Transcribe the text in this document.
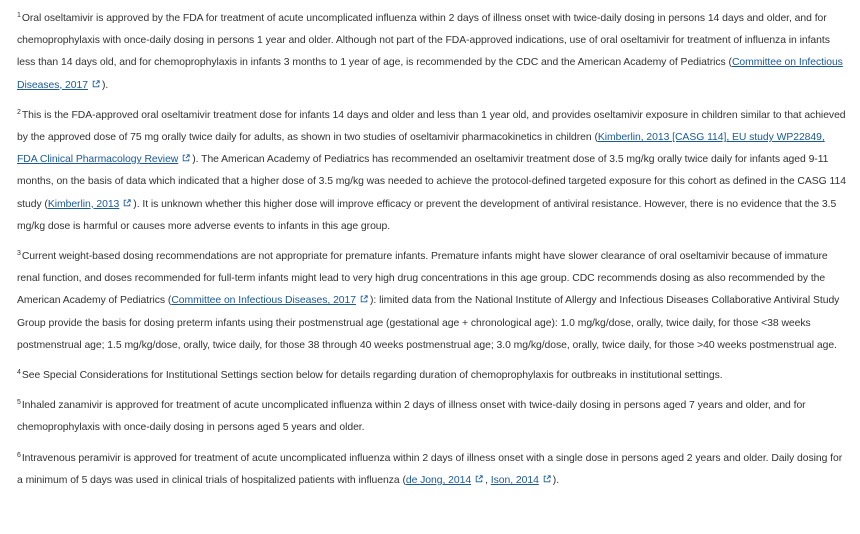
$^1$Oral oseltamivir is approved by the FDA for treatment of acute uncomplicated influenza within 2 days of illness onset with twice-daily dosing in persons 14 days and older, and for chemoprophylaxis with once-daily dosing in persons 1 year and older. Although not part of the FDA-approved indications, use of oral oseltamivir for treatment of influenza in infants less than 14 days old, and for chemoprophylaxis in infants 3 months to 1 year of age, is recommended by the CDC and the American Academy of Pediatrics (Committee on Infectious Diseases, 2017 ).

$^2$This is the FDA-approved oral oseltamivir treatment dose for infants 14 days and older and less than 1 year old, and provides oseltamivir exposure in children similar to that achieved by the approved dose of 75 mg orally twice daily for adults, as shown in two studies of oseltamivir pharmacokinetics in children (Kimberlin, 2013 [CASG 114], EU study WP22849, FDA Clinical Pharmacology Review ). The American Academy of Pediatrics has recommended an oseltamivir treatment dose of 3.5 mg/kg orally twice daily for infants aged 9-11 months, on the basis of data which indicated that a higher dose of 3.5 mg/kg was needed to achieve the protocol-defined targeted exposure for this cohort as defined in the CASG 114 study (Kimberlin, 2013 ). It is unknown whether this higher dose will improve efficacy or prevent the development of antiviral resistance. However, there is no evidence that the 3.5 mg/kg dose is harmful or causes more adverse events to infants in this age group.

$^3$Current weight-based dosing recommendations are not appropriate for premature infants. Premature infants might have slower clearance of oral oseltamivir because of immature renal function, and doses recommended for full-term infants might lead to very high drug concentrations in this age group. CDC recommends dosing as also recommended by the American Academy of Pediatrics (Committee on Infectious Diseases, 2017 ): limited data from the National Institute of Allergy and Infectious Diseases Collaborative Antiviral Study Group provide the basis for dosing preterm infants using their postmenstrual age (gestational age + chronological age): 1.0 mg/kg/dose, orally, twice daily, for those <38 weeks postmenstrual age; 1.5 mg/kg/dose, orally, twice daily, for those 38 through 40 weeks postmenstrual age; 3.0 mg/kg/dose, orally, twice daily, for those >40 weeks postmenstrual age.

$^4$See Special Considerations for Institutional Settings section below for details regarding duration of chemoprophylaxis for outbreaks in institutional settings.

$^5$Inhaled zanamivir is approved for treatment of acute uncomplicated influenza within 2 days of illness onset with twice-daily dosing in persons aged 7 years and older, and for chemoprophylaxis with once-daily dosing in persons aged 5 years and older.

$^6$Intravenous peramivir is approved for treatment of acute uncomplicated influenza within 2 days of illness onset with a single dose in persons aged 2 years and older. Daily dosing for a minimum of 5 days was used in clinical trials of hospitalized patients with influenza (de Jong, 2014 , Ison, 2014 ).
